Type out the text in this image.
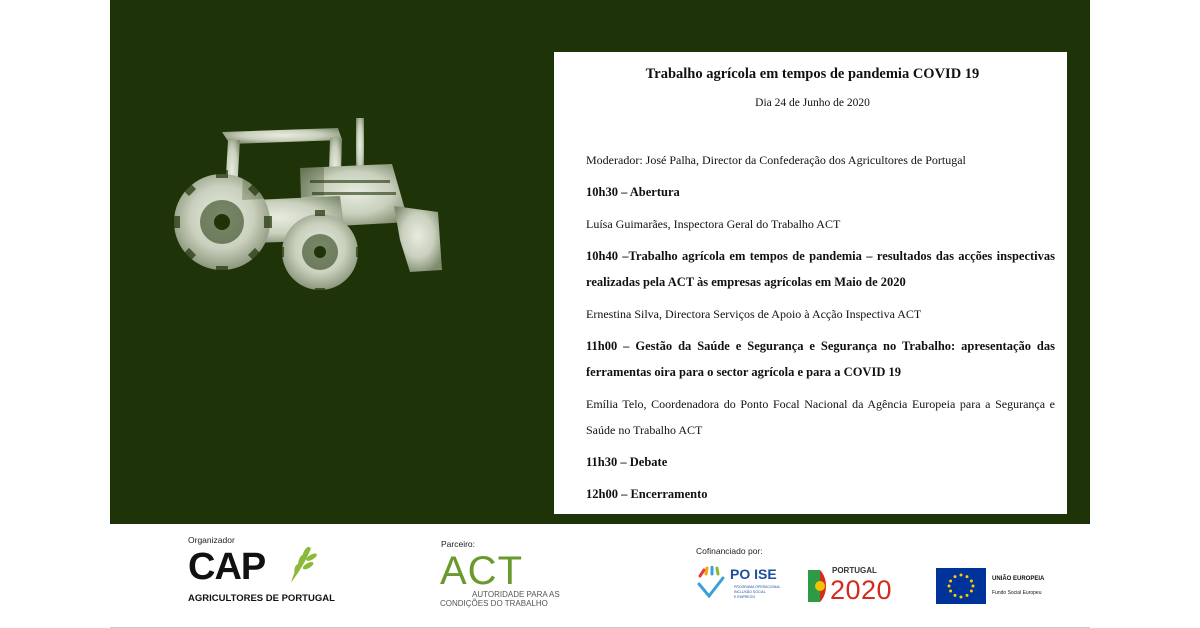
Trabalho agrícola em tempos de pandemia COVID 19
Dia 24 de Junho de 2020

Moderador: José Palha, Director da Confederação dos Agricultores de Portugal

10h30 – Abertura

Luísa Guimarães, Inspectora Geral do Trabalho ACT

10h40 –Trabalho agrícola em tempos de pandemia – resultados das acções inspectivas realizadas pela ACT às empresas agrícolas em Maio de 2020

Ernestina Silva, Directora Serviços de Apoio à Acção Inspectiva ACT

11h00 – Gestão da Saúde e Segurança e Segurança no Trabalho: apresentação das ferramentas oira para o sector agrícola e para a COVID 19

Emília Telo, Coordenadora do Ponto Focal Nacional da Agência Europeia para a Segurança e Saúde no Trabalho ACT

11h30 – Debate

12h00 – Encerramento

Organizador	Parceiro:
Cofinanciado por:
CAP
AGRICULTORES DE PORTUGAL
ACT
AUTORIDADE PARA AS
CONDIÇÕES DO TRABALHO
PO ISE
PROGRAMA OPERACIONAL
INCLUSÃO SOCIAL
E EMPREGO
PORTUGAL
2020	UNIÃO EUROPEIA
Fundo Social Europeu
